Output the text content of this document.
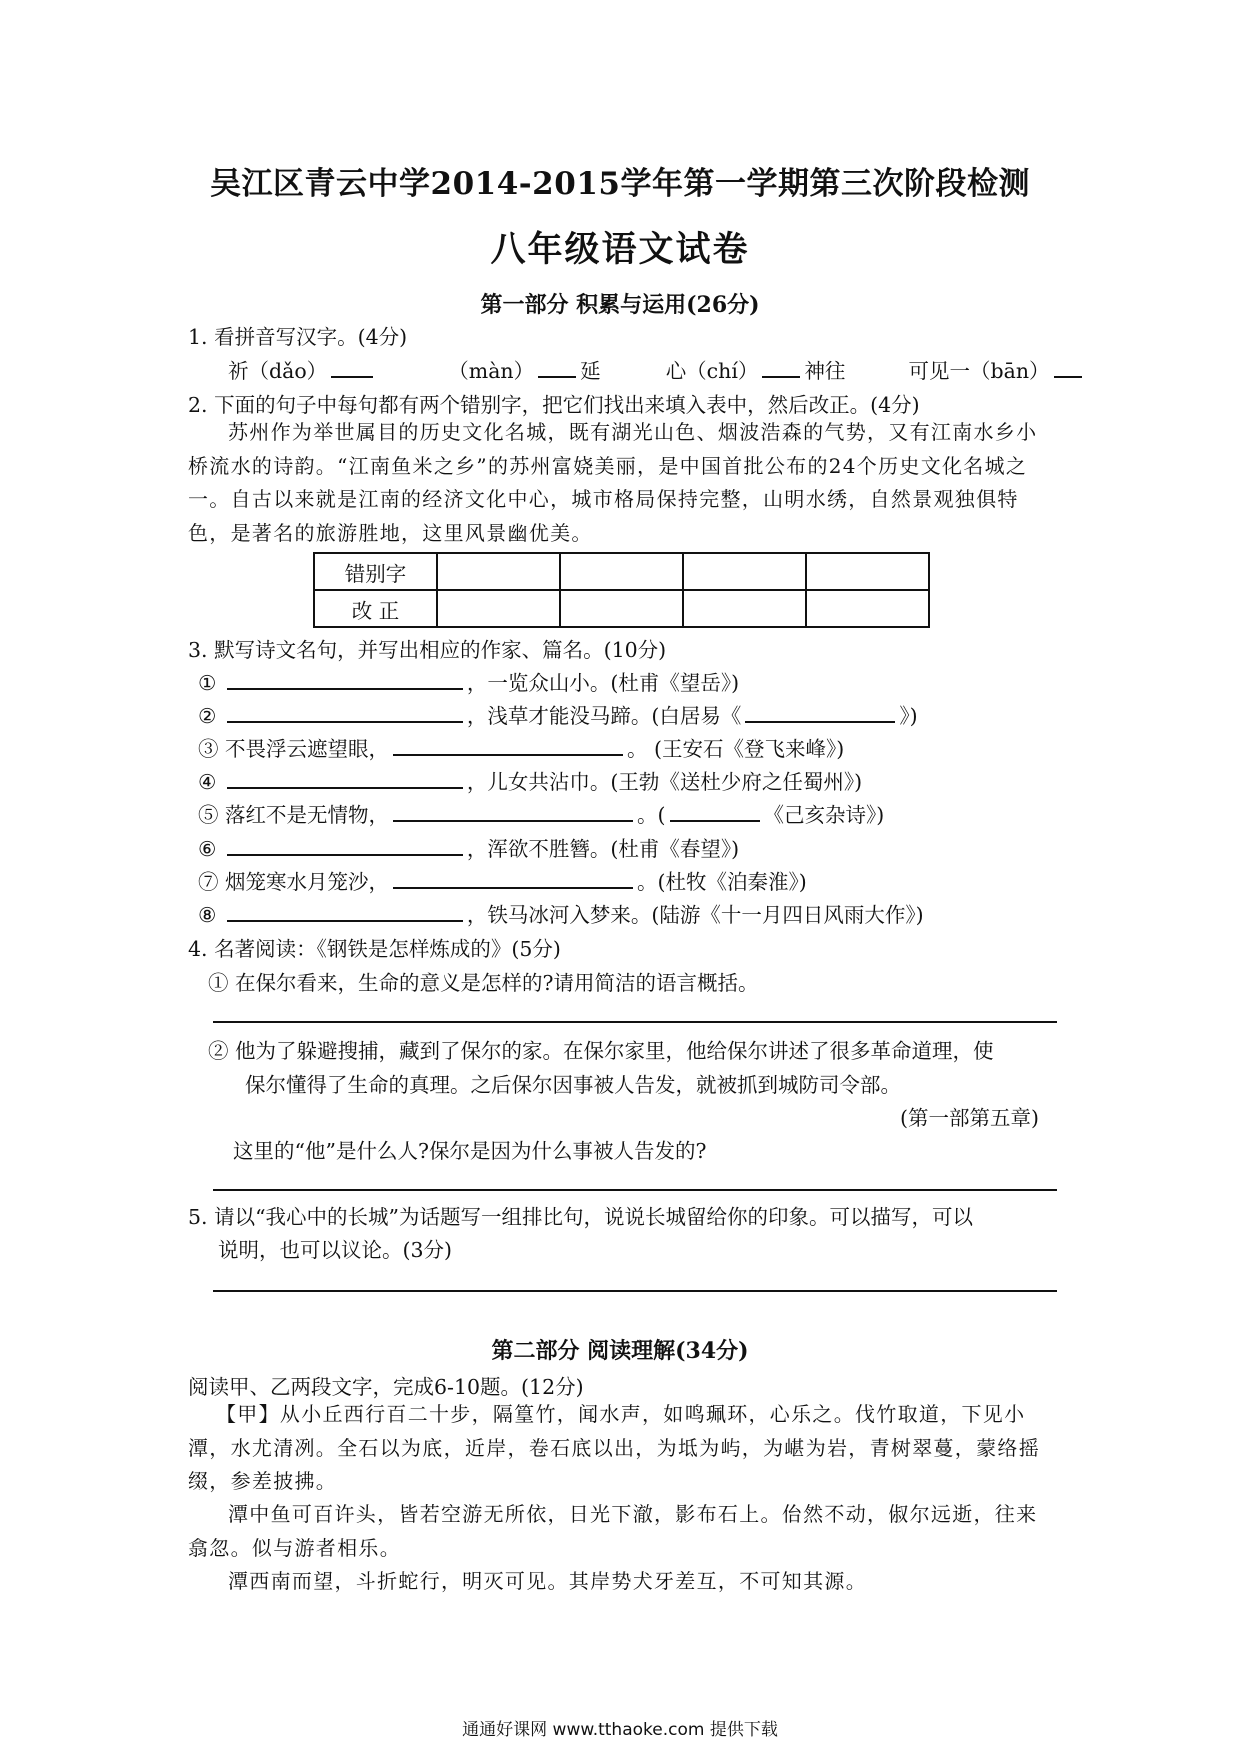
吴江区青云中学2014-2015学年第一学期第三次阶段检测
八年级语文试卷
第一部分 积累与运用(26分)
1. 看拼音写汉字。(4分)
祈（dǎo）	（màn） 延	心（chí） 神往	可见一（bān）
2. 下面的句子中每句都有两个错别字，把它们找出来填入表中，然后改正。(4分)
苏州作为举世属目的历史文化名城，既有湖光山色、烟波浩森的气势，又有江南水乡小桥流水的诗韵。“江南鱼米之乡”的苏州富娆美丽，是中国首批公布的24个历史文化名城之一。自古以来就是江南的经济文化中心，城市格局保持完整，山明水绣，自然景观独俱特色，是著名的旅游胜地，这里风景幽优美。
错别字				
改 正				
3. 默写诗文名句，并写出相应的作家、篇名。(10分)
①	，一览众山小。(杜甫《望岳》)
②	，浅草才能没马蹄。(白居易《	》)
③ 不畏浮云遮望眼，	。 (王安石《登飞来峰》)
④	，儿女共沾巾。(王勃《送杜少府之任蜀州》)
⑤ 落红不是无情物，	。(	《己亥杂诗》)
⑥	，浑欲不胜簪。(杜甫《春望》)
⑦ 烟笼寒水月笼沙，	。(杜牧《泊秦淮》)
⑧	，铁马冰河入梦来。(陆游《十一月四日风雨大作》)
4. 名著阅读：《钢铁是怎样炼成的》(5分)
① 在保尔看来，生命的意义是怎样的?请用简洁的语言概括。
② 他为了躲避搜捕，藏到了保尔的家。在保尔家里，他给保尔讲述了很多革命道理，使
保尔懂得了生命的真理。之后保尔因事被人告发，就被抓到城防司令部。
(第一部第五章)
这里的“他”是什么人?保尔是因为什么事被人告发的?
5. 请以“我心中的长城”为话题写一组排比句，说说长城留给你的印象。可以描写，可以
说明，也可以议论。(3分)
第二部分 阅读理解(34分)
阅读甲、乙两段文字，完成6-10题。(12分)
【甲】从小丘西行百二十步，隔篁竹，闻水声，如鸣珮环，心乐之。伐竹取道，下见小潭，水尤清冽。全石以为底，近岸，卷石底以出，为坻为屿，为嵁为岩，青树翠蔓，蒙络摇缀，参差披拂。
潭中鱼可百许头，皆若空游无所依，日光下澈，影布石上。佁然不动，俶尔远逝，往来翕忽。似与游者相乐。
潭西南而望，斗折蛇行，明灭可见。其岸势犬牙差互，不可知其源。
通通好课网 www.tthaoke.com 提供下载
